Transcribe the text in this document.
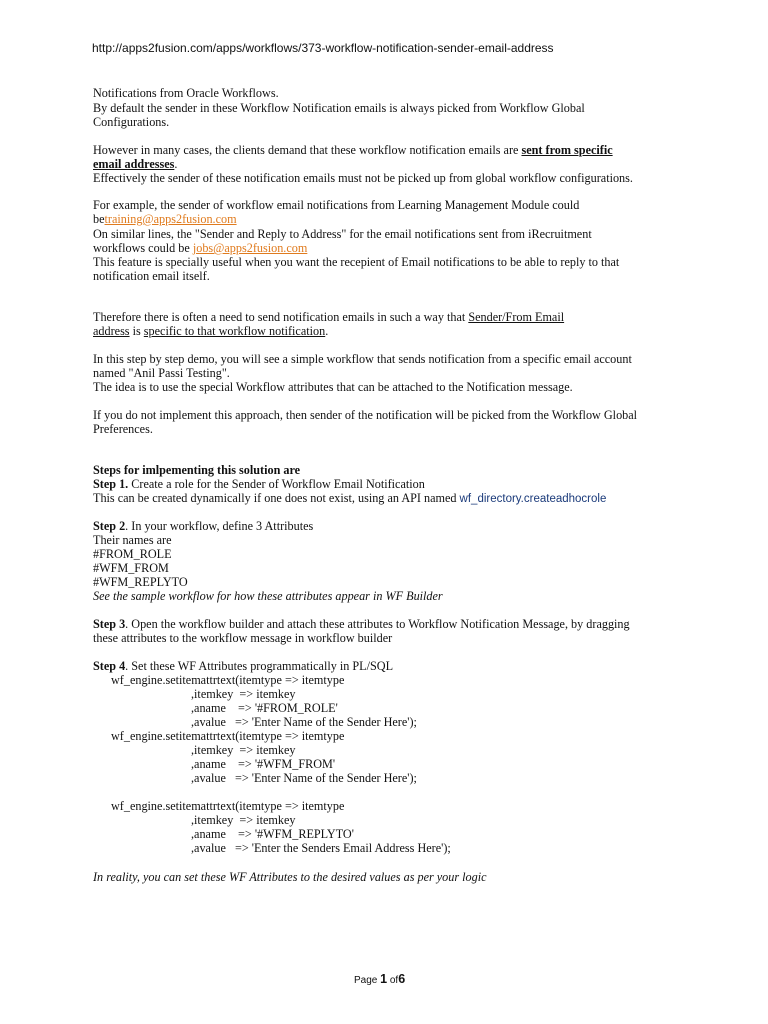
http://apps2fusion.com/apps/workflows/373-workflow-notification-sender-email-address
Notifications from Oracle Workflows.
By default the sender in these Workflow Notification emails is always picked from Workflow Global
Configurations.
However in many cases, the clients demand that these workflow notification emails are sent from specific
email addresses.
Effectively the sender of these notification emails must not be picked up from global workflow configurations.
For example, the sender of workflow email notifications from Learning Management Module could
betraining@apps2fusion.com
On similar lines, the "Sender and Reply to Address" for the email notifications sent from iRecruitment
workflows could be jobs@apps2fusion.com
This feature is specially useful when you want the recepient of Email notifications to be able to reply to that
notification email itself.
Therefore there is often a need to send notification emails in such a way that Sender/From Email
address is specific to that workflow notification.
In this step by step demo, you will see a simple workflow that sends notification from a specific email account
named "Anil Passi Testing".
The idea is to use the special Workflow attributes that can be attached to the Notification message.
If you do not implement this approach, then sender of the notification will be picked from the Workflow Global
Preferences.
Steps for imlpementing this solution are
Step 1. Create a role for the Sender of Workflow Email Notification
This can be created dynamically if one does not exist, using an API named wf_directory.createadhocrole
Step 2. In your workflow, define 3 Attributes
Their names are
#FROM_ROLE
#WFM_FROM
#WFM_REPLYTO
See the sample workflow for how these attributes appear in WF Builder
Step 3. Open the workflow builder and attach these attributes to Workflow Notification Message, by dragging
these attributes to the workflow message in workflow builder
Step 4. Set these WF Attributes programmatically in PL/SQL
wf_engine.setitemattrtext(itemtype => itemtype
,itemkey  => itemkey
,aname    => '#FROM_ROLE'
,avalue   => 'Enter Name of the Sender Here');
wf_engine.setitemattrtext(itemtype => itemtype
,itemkey  => itemkey
,aname    => '#WFM_FROM'
,avalue   => 'Enter Name of the Sender Here');
wf_engine.setitemattrtext(itemtype => itemtype
,itemkey  => itemkey
,aname    => '#WFM_REPLYTO'
,avalue   => 'Enter the Senders Email Address Here');
In reality, you can set these WF Attributes to the desired values as per your logic
Page 1 of6
